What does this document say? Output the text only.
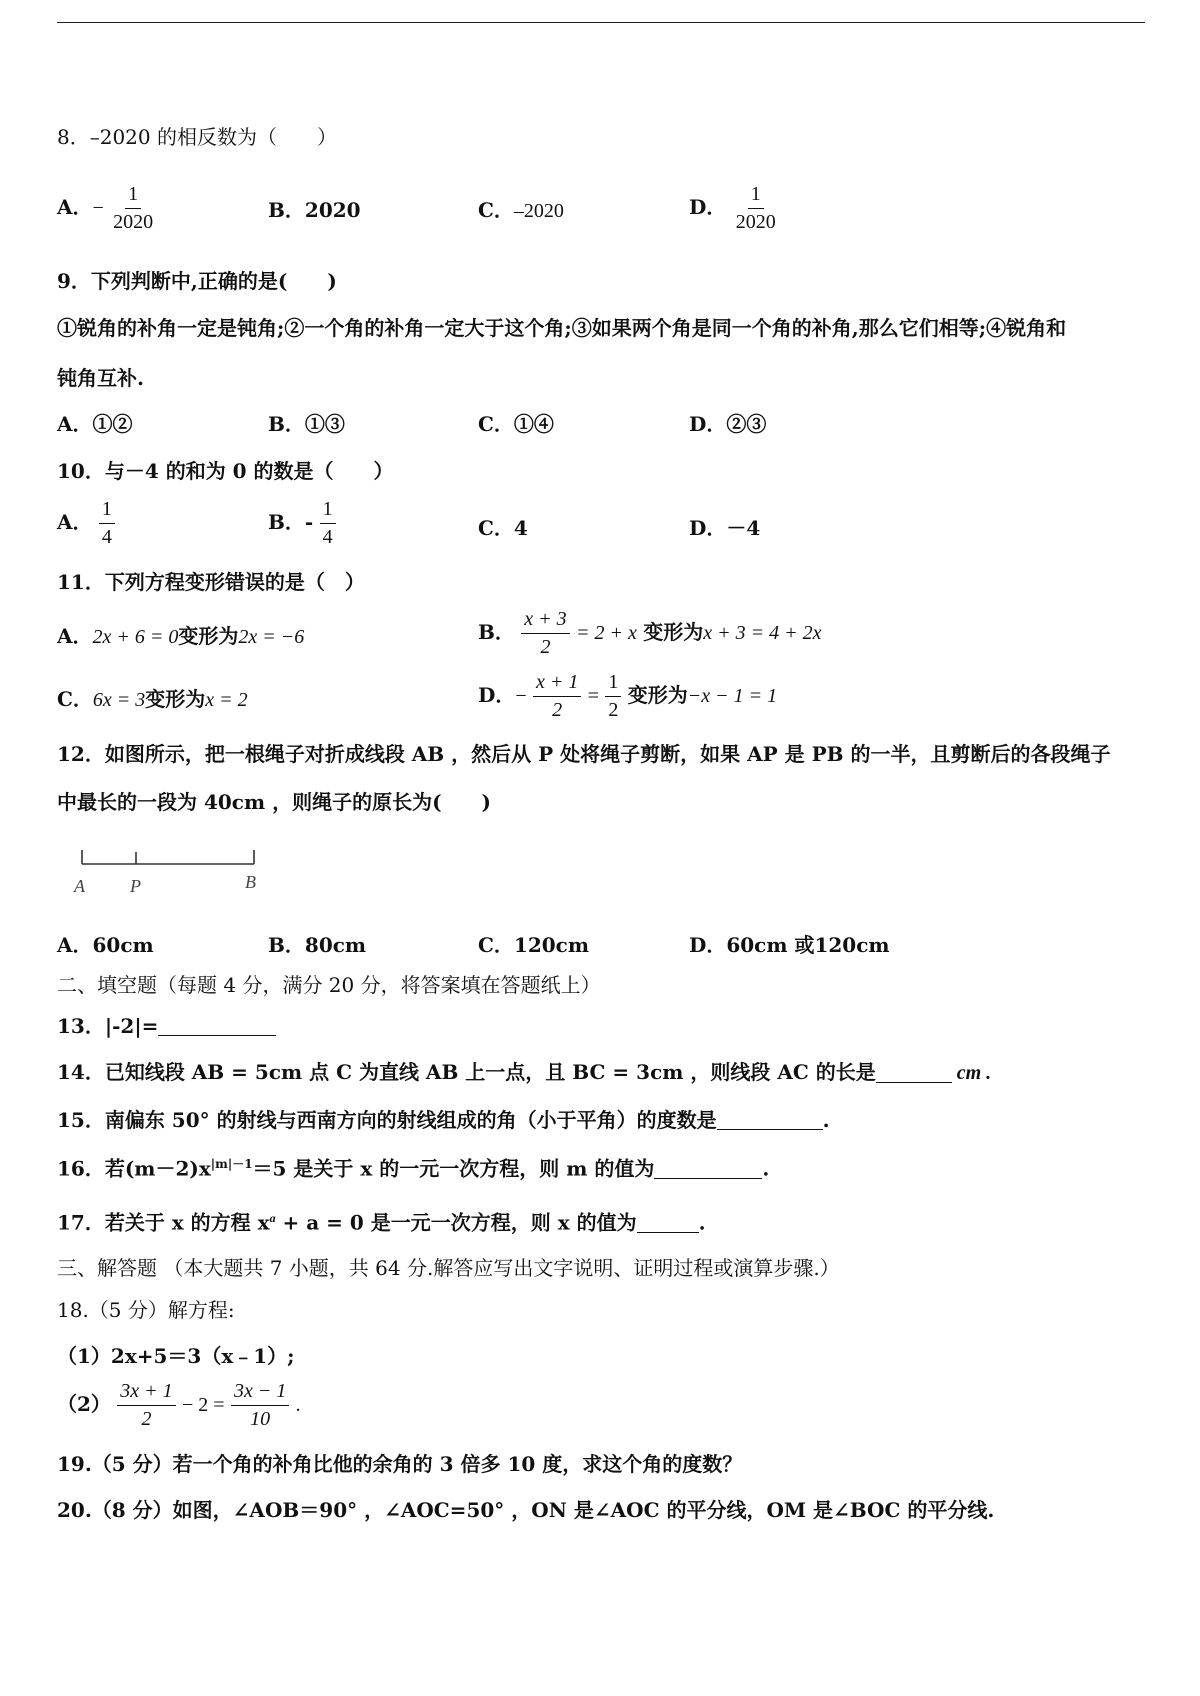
8．–2020 的相反数为（　　）
A．− $\frac{1}{2020}$	B．2020	C．–2020	D． $\frac{1}{2020}$
9．下列判断中,正确的是(　　)
①锐角的补角一定是钝角;②一个角的补角一定大于这个角;③如果两个角是同一个角的补角,那么它们相等;④锐角和
钝角互补.
A．①②	B．①③	C．①④	D．②③
10．与－4 的和为 0 的数是（　　）
A． $\frac{1}{4}$	B．- $\frac{1}{4}$	C．4	D．－4
11．下列方程变形错误的是（　）
A．2x + 6 = 0变形为2x = −6	B． $\frac{x + 3}{2} = 2 + x$ 变形为x + 3 = 4 + 2x
C．6x = 3变形为x = 2	D．− $\frac{x + 1}{2} = \frac{1}{2}$ 变形为−x − 1 = 1
12．如图所示，把一根绳子对折成线段 AB ，然后从 P 处将绳子剪断，如果 AP 是 PB 的一半，且剪断后的各段绳子
中最长的一段为 40cm ，则绳子的原长为(　　)
A	P	B
A．60cm	B．80cm	C．120cm	D．60cm 或120cm
二、填空题（每题 4 分，满分 20 分，将答案填在答题纸上）
13．|-2|=
14．已知线段 AB = 5cm 点 C 为直线 AB 上一点，且 BC = 3cm ，则线段 AC 的长是	cm .
15．南偏东 50° 的射线与西南方向的射线组成的角（小于平角）的度数是	.
16．若$(m-2)x^{|m|-1}=5$ 是关于 x 的一元一次方程，则 m 的值为	.
17．若关于 x 的方程 $x^a + a = 0$ 是一元一次方程，则 x 的值为	.
三、解答题 （本大题共 7 小题，共 64 分.解答应写出文字说明、证明过程或演算步骤.）
18.（5 分）解方程:
（1）2x+5＝3（x﹣1）;
$(2) \frac{3x + 1}{2} - 2 = \frac{3x - 1}{10}$ .
19.（5 分）若一个角的补角比他的余角的 3 倍多 10 度，求这个角的度数？
20.（8 分）如图，∠AOB＝90° ，∠AOC=50° ，ON 是∠AOC 的平分线，OM 是∠BOC 的平分线.
